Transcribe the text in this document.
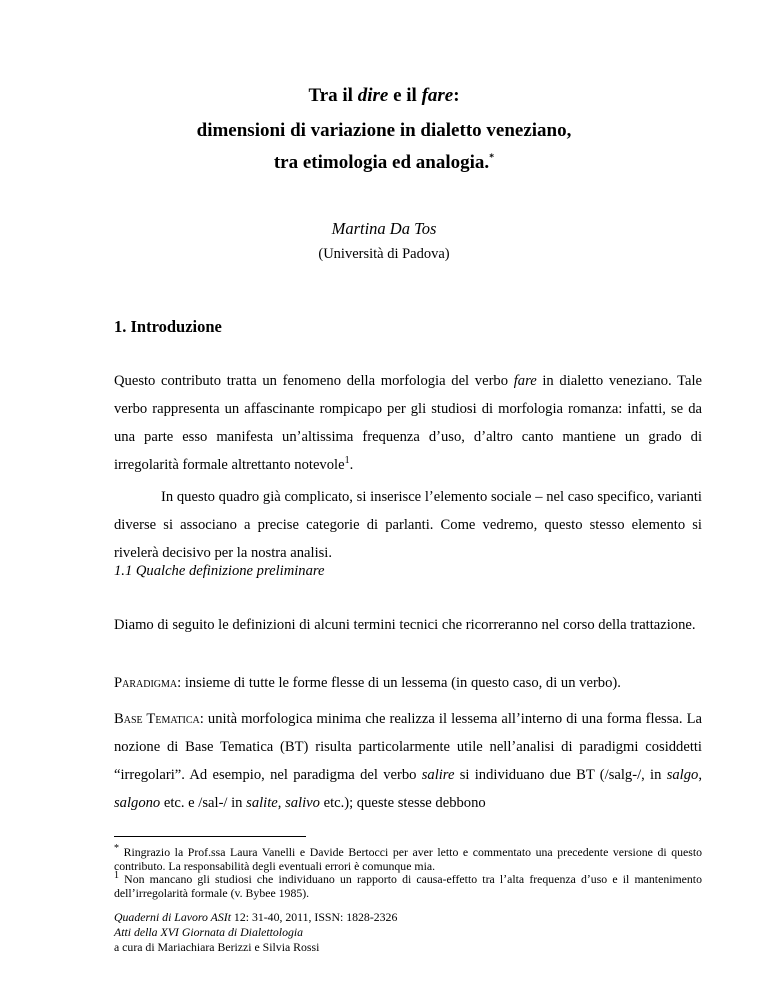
Tra il dire e il fare:
dimensioni di variazione in dialetto veneziano,
tra etimologia ed analogia.*
Martina Da Tos
(Università di Padova)
1. Introduzione

Questo contributo tratta un fenomeno della morfologia del verbo fare in dialetto veneziano. Tale verbo rappresenta un affascinante rompicapo per gli studiosi di morfologia romanza: infatti, se da una parte esso manifesta unʼaltissima frequenza dʼuso, dʼaltro canto mantiene un grado di irregolarità formale altrettanto notevole$^1$.

In questo quadro già complicato, si inserisce lʼelemento sociale – nel caso specifico, varianti diverse si associano a precise categorie di parlanti. Come vedremo, questo stesso elemento si rivelerà decisivo per la nostra analisi.

1.1 Qualche definizione preliminare

Diamo di seguito le definizioni di alcuni termini tecnici che ricorreranno nel corso della trattazione.

Paradigma: insieme di tutte le forme flesse di un lessema (in questo caso, di un verbo).

Base Tematica: unità morfologica minima che realizza il lessema allʼinterno di una forma flessa. La nozione di Base Tematica (BT) risulta particolarmente utile nellʼanalisi di paradigmi cosiddetti “irregolari”. Ad esempio, nel paradigma del verbo salire si individuano due BT (/salg-/, in salgo, salgono etc. e /sal-/ in salite, salivo etc.); queste stesse debbono

* Ringrazio la Prof.ssa Laura Vanelli e Davide Bertocci per aver letto e commentato una precedente versione di questo contributo. La responsabilità degli eventuali errori è comunque mia.

$^1$ Non mancano gli studiosi che individuano un rapporto di causa-effetto tra lʼalta frequenza dʼuso e il mantenimento dellʼirregolarità formale (v. Bybee 1985).

Quaderni di Lavoro ASIt 12: 31-40, 2011, ISSN: 1828-2326
Atti della XVI Giornata di Dialettologia
a cura di Mariachiara Berizzi e Silvia Rossi
